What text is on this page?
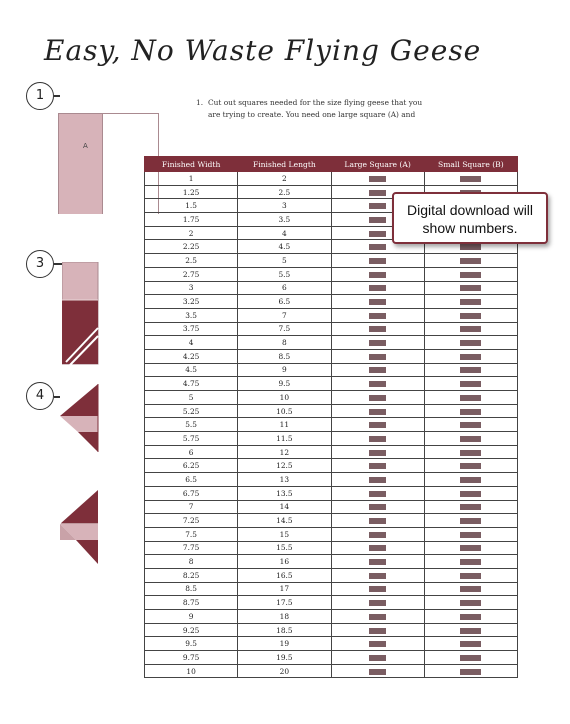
Easy, No Waste Flying Geese
1	1. Cut out squares needed for the size flying geese that you
are trying to create. You need one large square (A) and
A
3
4
Finished Width	Finished Length	Large Square (A)	Small Square (B)
1	2		
1.25	2.5		
1.5	3		
1.75	3.5		
2	4		
2.25	4.5		
2.5	5		
2.75	5.5		
3	6		
3.25	6.5		
3.5	7		
3.75	7.5		
4	8		
4.25	8.5		
4.5	9		
4.75	9.5		
5	10		
5.25	10.5		
5.5	11		
5.75	11.5		
6	12		
6.25	12.5		
6.5	13		
6.75	13.5		
7	14		
7.25	14.5		
7.5	15		
7.75	15.5		
8	16		
8.25	16.5		
8.5	17		
8.75	17.5		
9	18		
9.25	18.5		
9.5	19		
9.75	19.5		
10	20		
Digital download will
show numbers.
